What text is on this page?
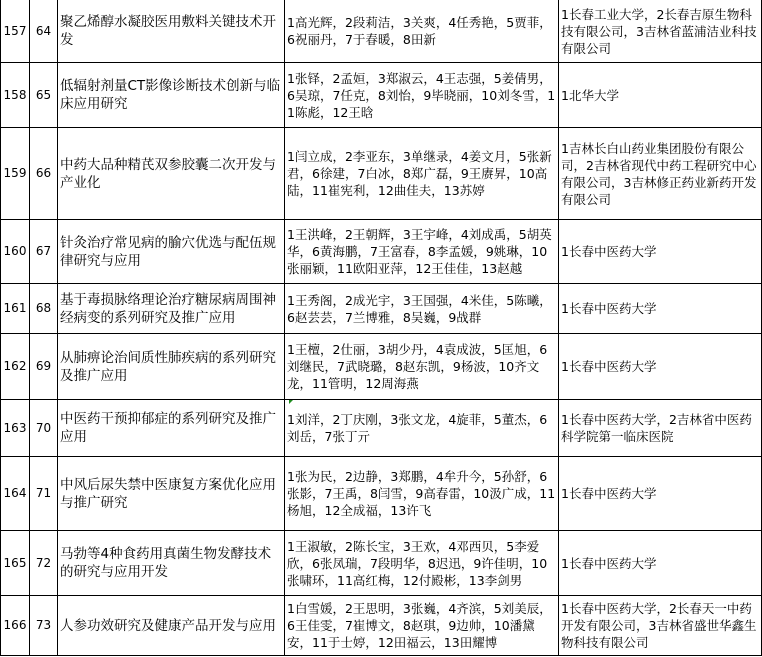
157	64	聚乙烯醇水凝胶医用敷料关键技术开发	1高光辉，2段莉洁，3关爽，4任秀艳，5贾菲，6祝丽丹，7于春暖，8田新	1长春工业大学，2长春吉原生物科技有限公司，3吉林省蓝浦洁业科技有限公司
158	65	低辐射剂量CT影像诊断技术创新与临床应用研究	1张铎，2孟姮，3郑淑云，4王志强，5姜倩男，6吴琼，7任克，8刘怡，9毕晓丽，10刘冬雪，11陈彪，12王晗	1北华大学
159	66	中药大品种精芪双参胶囊二次开发与产业化	1闫立成，2李亚东，3单继录，4姜文月，5张新君，6徐建，7白冰，8郑广磊，9王赓昇，10高陆，11崔宪利，12曲佳夫，13苏婷	1吉林长白山药业集团股份有限公司，2吉林省现代中药工程研究中心有限公司，3吉林修正药业新药开发有限公司
160	67	针灸治疗常见病的腧穴优选与配伍规律研究与应用	1王洪峰，2王朝辉，3王宇峰，4刘成禹，5胡英华，6黄海鹏，7王富春，8李孟媛，9姚琳，10张丽颖，11欧阳亚萍，12王佳佳，13赵越	1长春中医药大学
161	68	基于毒损脉络理论治疗糖尿病周围神经病变的系列研究及推广应用	1王秀阁，2成光宇，3王国强，4米佳，5陈曦，6赵芸芸，7兰博雅，8吴巍，9战群	1长春中医药大学
162	69	从肺痹论治间质性肺疾病的系列研究及推广应用	1王檀，2仕丽，3胡少丹，4袁成波，5匡旭，6刘继民，7武晓璐，8赵东凯，9杨波，10齐文龙，11管明，12周海燕	1长春中医药大学
163	70	中医药干预抑郁症的系列研究及推广应用	1刘洋，2丁庆刚，3张文龙，4旋菲，5董杰，6刘岳，7张丁亓	1长春中医药大学，2吉林省中医药科学院第一临床医院
164	71	中风后尿失禁中医康复方案优化应用与推广研究	1张为民，2边静，3郑鹏，4牟升今，5孙舒，6张影，7王禹，8闫雪，9高春雷，10汲广成，11杨旭，12全成福，13许飞	1长春中医药大学
165	72	马勃等4种食药用真菌生物发酵技术的研究与应用开发	1王淑敏，2陈长宝，3王欢，4邓西贝，5李爱欣，6张凤瑞，7段明华，8迟迅，9许佳明，10张啸环，11高红梅，12付殿彬，13李剑男	1长春中医药大学
166	73	人参功效研究及健康产品开发与应用	1白雪媛，2王思明，3张巍，4齐滨，5刘美辰，6王佳雯，7崔博文，8赵琪，9边帅，10潘黛安，11于士婷，12田福云，13田耀博	1长春中医药大学，2长春天一中药开发有限公司，3吉林省盛世华鑫生物科技有限公司
